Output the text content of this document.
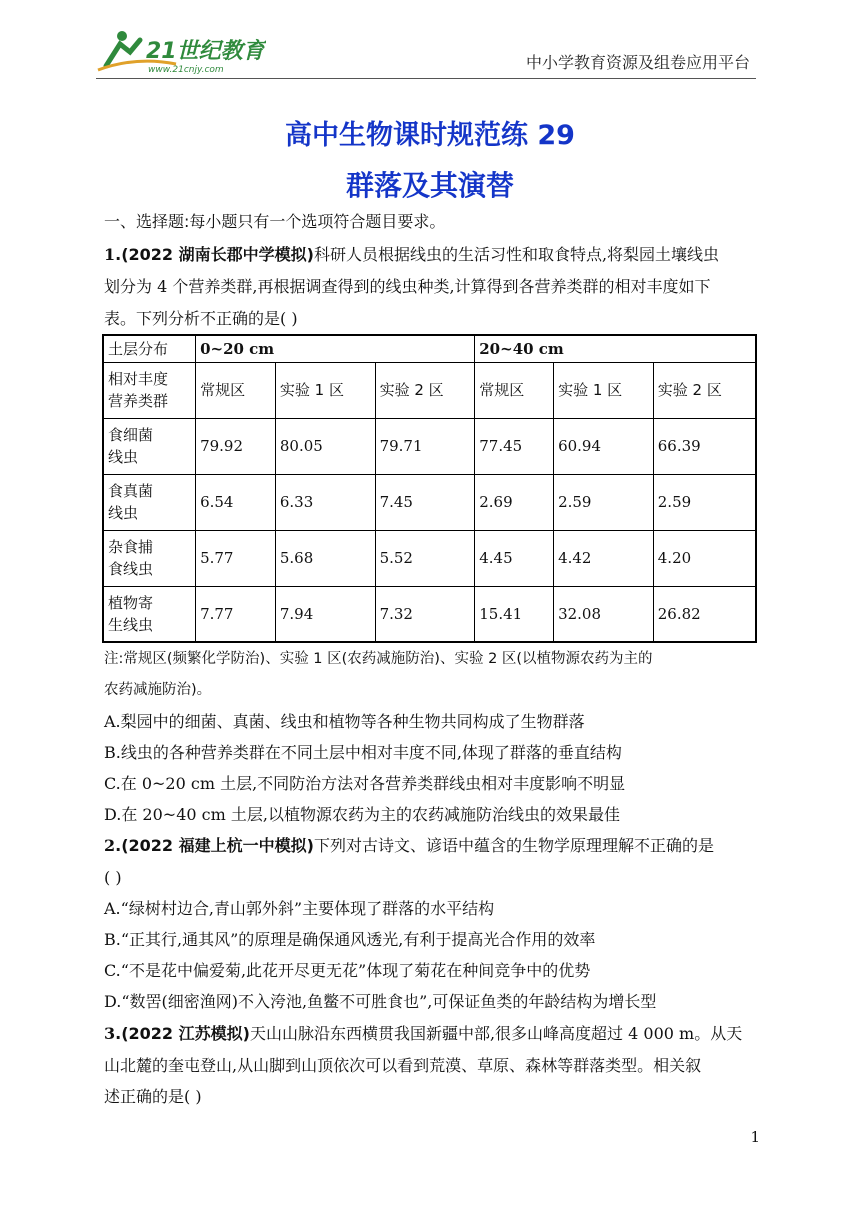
21世纪教育
www.21cnjy.com	中小学教育资源及组卷应用平台
高中生物课时规范练 29
群落及其演替
一、选择题:每小题只有一个选项符合题目要求。
1.(2022 湖南长郡中学模拟)科研人员根据线虫的生活习性和取食特点,将梨园土壤线虫
划分为 4 个营养类群,再根据调查得到的线虫种类,计算得到各营养类群的相对丰度如下
表。下列分析不正确的是( )
土层分布	0~20 cm			20~40 cm		

相对丰度
营养类群	常规区	实验 1 区	实验 2 区	常规区	实验 1 区	实验 2 区

食细菌
线虫	79.92	80.05	79.71	77.45	60.94	66.39

食真菌
线虫	6.54	6.33	7.45	2.69	2.59	2.59

杂食捕
食线虫	5.77	5.68	5.52	4.45	4.42	4.20

植物寄
生线虫	7.77	7.94	7.32	15.41	32.08	26.82
注:常规区(频繁化学防治)、实验 1 区(农药减施防治)、实验 2 区(以植物源农药为主的
农药减施防治)。
A.梨园中的细菌、真菌、线虫和植物等各种生物共同构成了生物群落
B.线虫的各种营养类群在不同土层中相对丰度不同,体现了群落的垂直结构
C.在 0~20 cm 土层,不同防治方法对各营养类群线虫相对丰度影响不明显
D.在 20~40 cm 土层,以植物源农药为主的农药减施防治线虫的效果最佳
2.(2022 福建上杭一中模拟)下列对古诗文、谚语中蕴含的生物学原理理解不正确的是
( )
A.“绿树村边合,青山郭外斜”主要体现了群落的水平结构
B.“正其行,通其风”的原理是确保通风透光,有利于提高光合作用的效率
C.“不是花中偏爱菊,此花开尽更无花”体现了菊花在种间竞争中的优势
D.“数罟(细密渔网)不入洿池,鱼鳖不可胜食也”,可保证鱼类的年龄结构为增长型
3.(2022 江苏模拟)天山山脉沿东西横贯我国新疆中部,很多山峰高度超过 4 000 m。从天
山北麓的奎屯登山,从山脚到山顶依次可以看到荒漠、草原、森林等群落类型。相关叙
述正确的是( )
1
